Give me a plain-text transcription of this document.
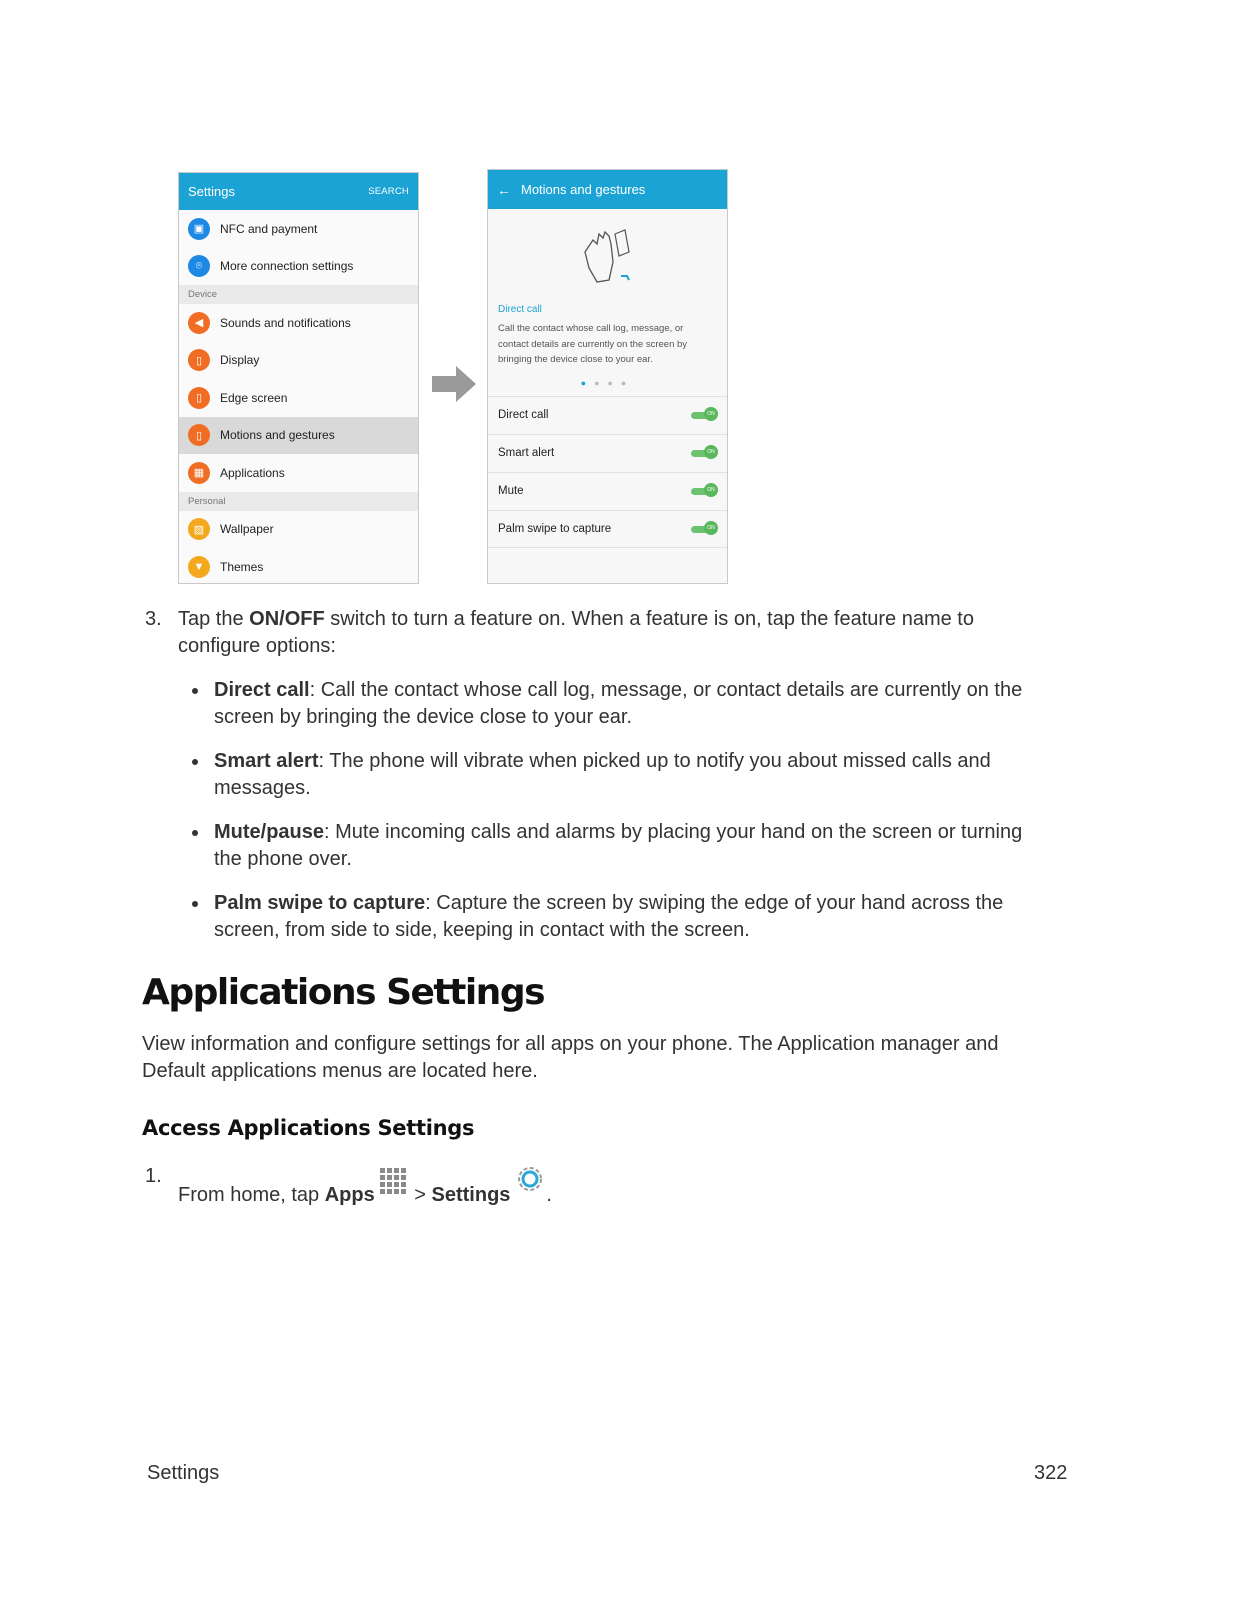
Settings	SEARCH
▣	NFC and payment
⌾	More connection settings
Device
◀	Sounds and notifications
▯	Display
▯	Edge screen
▯	Motions and gestures
▦	Applications
Personal
▨	Wallpaper
▼	Themes
← Motions and gestures
Direct call
Call the contact whose call log, message, or
contact details are currently on the screen by
bringing the device close to your ear.
●●●●
Direct call	ON
Smart alert	ON
Mute	ON
Palm swipe to capture	ON
3. Tap the ON/OFF switch to turn a feature on. When a feature is on, tap the feature name to
configure options:
Direct call: Call the contact whose call log, message, or contact details are currently on the
screen by bringing the device close to your ear.
Smart alert: The phone will vibrate when picked up to notify you about missed calls and
messages.
Mute/pause: Mute incoming calls and alarms by placing your hand on the screen or turning
the phone over.
Palm swipe to capture: Capture the screen by swiping the edge of your hand across the
screen, from side to side, keeping in contact with the screen.
Applications Settings
View information and configure settings for all apps on your phone. The Application manager and
Default applications menus are located here.
Access Applications Settings
1.
From home, tap Apps > Settings .
Settings	322
